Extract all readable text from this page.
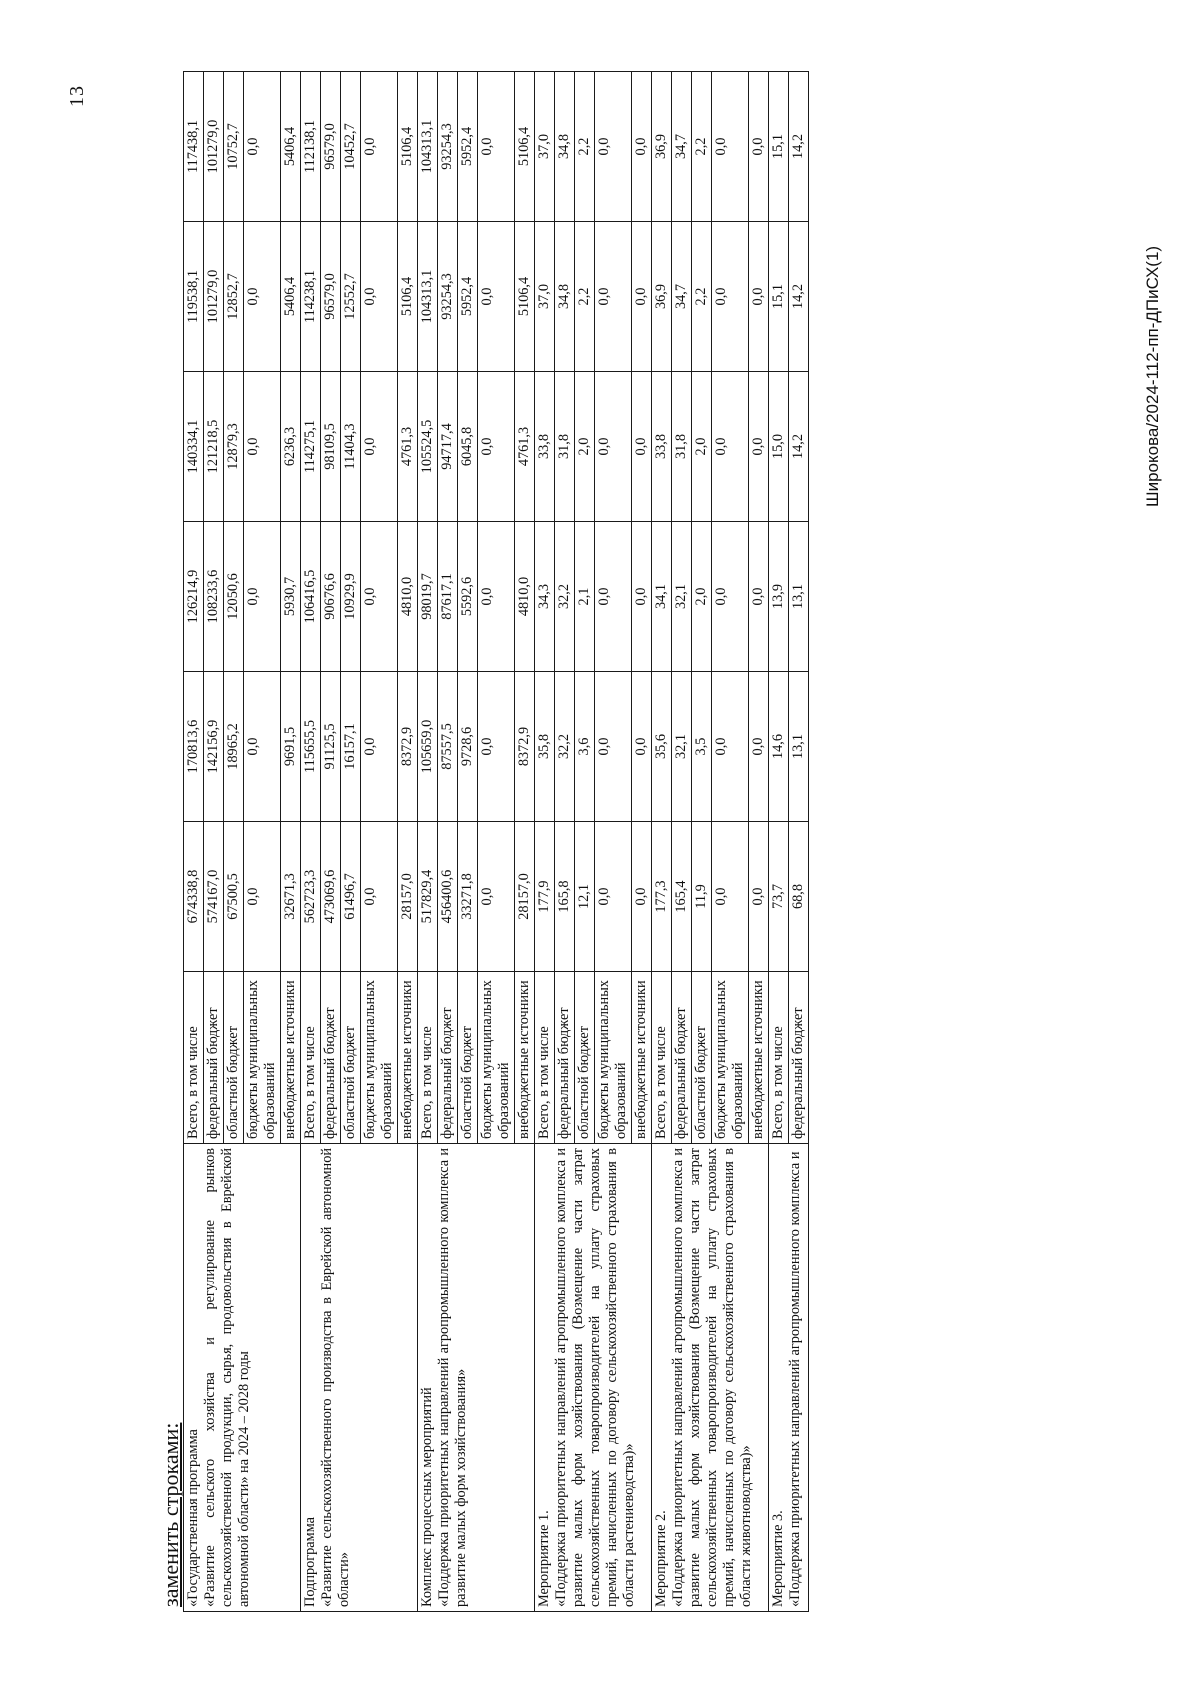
13
заменить строками: «Государственная программа «Развитие сельского хозяйства и регулирование рынков сельскохозяйственной продукции, сырья, продовольствия в Еврейской автономной области» на 2024 – 2028 годы	Всего, в том числе	674338,8	170813,6	126214,9	140334,1	119538,1	117438,1
	федеральный бюджет	574167,0	142156,9	108233,6	121218,5	101279,0	101279,0
	областной бюджет	67500,5	18965,2	12050,6	12879,3	12852,7	10752,7
	бюджеты муниципальных образований	0,0	0,0	0,0	0,0	0,0	0,0
	внебюджетные источники	32671,3	9691,5	5930,7	6236,3	5406,4	5406,4

Подпрограмма «Развитие сельскохозяйственного производства в Еврейской автономной области»	Всего, в том числе	562723,3	115655,5	106416,5	114275,1	114238,1	112138,1
	федеральный бюджет	473069,6	91125,5	90676,6	98109,5	96579,0	96579,0
	областной бюджет	61496,7	16157,1	10929,9	11404,3	12552,7	10452,7
	бюджеты муниципальных образований	0,0	0,0	0,0	0,0	0,0	0,0
	внебюджетные источники	28157,0	8372,9	4810,0	4761,3	5106,4	5106,4

Комплекс процессных мероприятий «Поддержка приоритетных направлений агропромышленного комплекса и развитие малых форм хозяйствования»	Всего, в том числе	517829,4	105659,0	98019,7	105524,5	104313,1	104313,1
	федеральный бюджет	456400,6	87557,5	87617,1	94717,4	93254,3	93254,3
	областной бюджет	33271,8	9728,6	5592,6	6045,8	5952,4	5952,4
	бюджеты муниципальных образований	0,0	0,0	0,0	0,0	0,0	0,0
	внебюджетные источники	28157,0	8372,9	4810,0	4761,3	5106,4	5106,4

Мероприятие 1. «Поддержка приоритетных направлений агропромышленного комплекса и развитие малых форм хозяйствования (Возмещение части затрат сельскохозяйственных товаропроизводителей на уплату страховых премий, начисленных по договору сельскохозяйственного страхования в области растениеводства)»	Всего, в том числе	177,9	35,8	34,3	33,8	37,0	37,0
	федеральный бюджет	165,8	32,2	32,2	31,8	34,8	34,8
	областной бюджет	12,1	3,6	2,1	2,0	2,2	2,2
	бюджеты муниципальных образований	0,0	0,0	0,0	0,0	0,0	0,0
	внебюджетные источники	0,0	0,0	0,0	0,0	0,0	0,0

Мероприятие 2. «Поддержка приоритетных направлений агропромышленного комплекса и развитие малых форм хозяйствования (Возмещение части затрат сельскохозяйственных товаропроизводителей на уплату страховых премий, начисленных по договору сельскохозяйственного страхования в области животноводства)»	Всего, в том числе	177,3	35,6	34,1	33,8	36,9	36,9
	федеральный бюджет	165,4	32,1	32,1	31,8	34,7	34,7
	областной бюджет	11,9	3,5	2,0	2,0	2,2	2,2
	бюджеты муниципальных образований	0,0	0,0	0,0	0,0	0,0	0,0
	внебюджетные источники	0,0	0,0	0,0	0,0	0,0	0,0

Мероприятие 3. «Поддержка приоритетных направлений агропромышленного комплекса и	Всего, в том числе	73,7	14,6	13,9	15,0	15,1	15,1
	федеральный бюджет	68,8	13,1	13,1	14,2	14,2	14,2
Широкова/2024-112-пп-ДПиСХ(1)
